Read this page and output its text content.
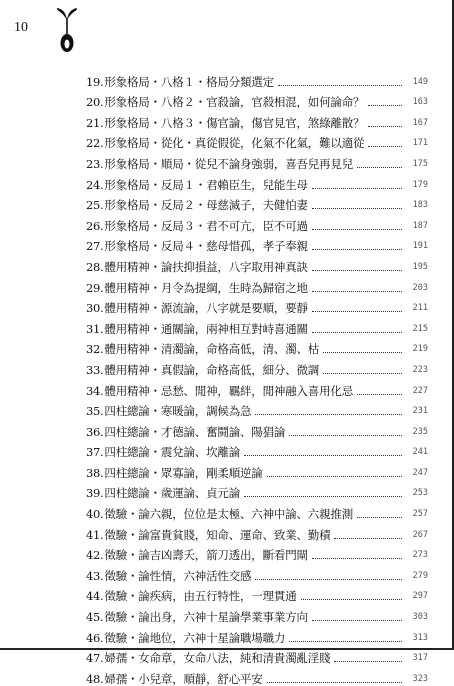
10
19. 形象格局・八格１・格局分類選定	149
20. 形象格局・八格２・官殺論，官殺相混，如何論命？	163
21. 形象格局・八格３・傷官論，傷官見官，煞綠離散？	167
22. 形象格局・從化・真從假從，化氣不化氣，難以適從	171
23. 形象格局・順局・從兒不論身強弱，喜吾兒再見兒	175
24. 形象格局・反局１・君賴臣生，兒能生母	179
25. 形象格局・反局２・母慈滅子，夫健怕妻	183
26. 形象格局・反局３・君不可亢，臣不可過	187
27. 形象格局・反局４・慈母惜孤，孝子奉親	191
28. 體用精神・論扶抑損益，八字取用神真訣	195
29. 體用精神・月令為提綱，生時為歸宿之地	203
30. 體用精神・源流論，八字就是要順，要靜	211
31. 體用精神・通關論，兩神相互對峙喜通關	215
32. 體用精神・清濁論，命格高低，清、濁、枯	219
33. 體用精神・真假論，命格高低，細分、微調	223
34. 體用精神・忌愁、閒神，羈絆，閒神融入喜用化忌	227
35. 四柱總論・寒暖論，調候為急	231
36. 四柱總論・才德論、奮鬪論、陽猖論	235
37. 四柱總論・震兌論、坎離論	241
38. 四柱總論・眾寡論，剛柔順逆論	247
39. 四柱總論・歲運論、貞元論	253
40. 徵驗・論六親，位位是太極、六神中論、六親推測	257
41. 徵驗・論富貴貧賤，知命、運命、致業、勤積	267
42. 徵驗・論吉凶壽夭，箭刀透出，斷看門閘	273
43. 徵驗・論性情，六神活性交感	279
44. 徵驗・論疾病，由五行特性，一理貫通	297
45. 徵驗・論出身，六神十星論學業事業方向	303
46. 徵驗・論地位，六神十星論職場職力	313
47. 婦孺・女命章，女命八法，純和清貴濁亂淫賤	317
48. 婦孺・小兒章，順靜，舒心平安	323
